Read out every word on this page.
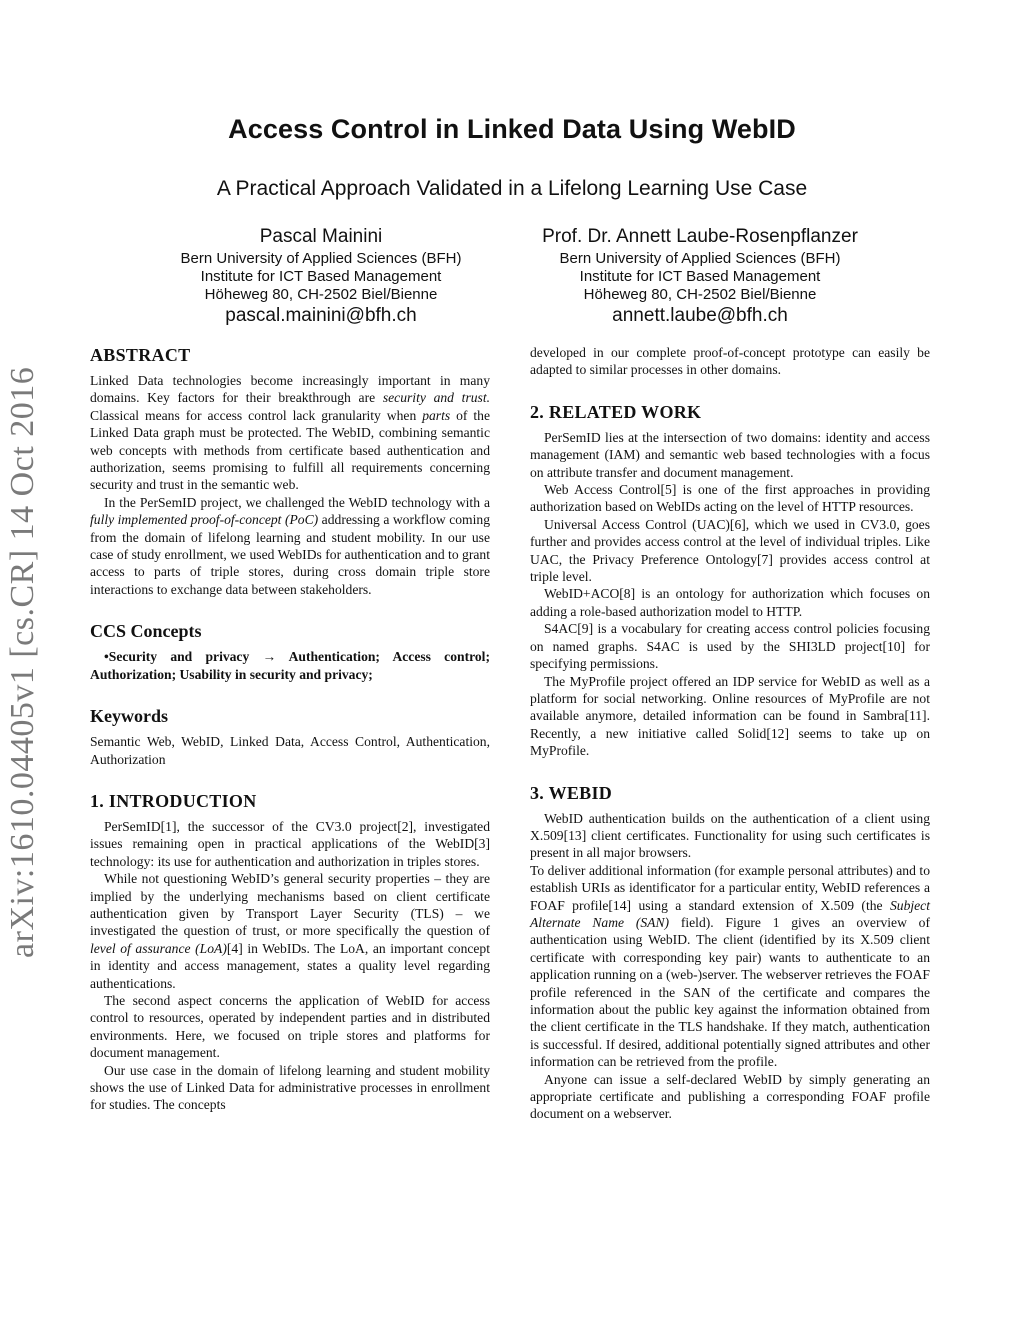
Access Control in Linked Data Using WebID
A Practical Approach Validated in a Lifelong Learning Use Case
Pascal Mainini
Bern University of Applied Sciences (BFH)
Institute for ICT Based Management
Höheweg 80, CH-2502 Biel/Bienne
pascal.mainini@bfh.ch
Prof. Dr. Annett Laube-Rosenpflanzer
Bern University of Applied Sciences (BFH)
Institute for ICT Based Management
Höheweg 80, CH-2502 Biel/Bienne
annett.laube@bfh.ch
arXiv:1610.04405v1 [cs.CR] 14 Oct 2016
ABSTRACT

Linked Data technologies become increasingly important in many domains. Key factors for their breakthrough are security and trust. Classical means for access control lack granularity when parts of the Linked Data graph must be protected. The WebID, combining semantic web concepts with methods from certificate based authentication and authorization, seems promising to fulfill all requirements concerning security and trust in the semantic web.

In the PerSemID project, we challenged the WebID technology with a fully implemented proof-of-concept (PoC) addressing a workflow coming from the domain of lifelong learning and student mobility. In our use case of study enrollment, we used WebIDs for authentication and to grant access to parts of triple stores, during cross domain triple store interactions to exchange data between stakeholders.

CCS Concepts

•Security and privacy → Authentication; Access control; Authorization; Usability in security and privacy;

Keywords

Semantic Web, WebID, Linked Data, Access Control, Authentication, Authorization

1. INTRODUCTION

PerSemID[1], the successor of the CV3.0 project[2], investigated issues remaining open in practical applications of the WebID[3] technology: its use for authentication and authorization in triples stores.

While not questioning WebID’s general security properties – they are implied by the underlying mechanisms based on client certificate authentication given by Transport Layer Security (TLS) – we investigated the question of trust, or more specifically the question of level of assurance (LoA)[4] in WebIDs. The LoA, an important concept in identity and access management, states a quality level regarding authentications.

The second aspect concerns the application of WebID for access control to resources, operated by independent parties and in distributed environments. Here, we focused on triple stores and platforms for document management.

Our use case in the domain of lifelong learning and student mobility shows the use of Linked Data for administrative processes in enrollment for studies. The concepts

developed in our complete proof-of-concept prototype can easily be adapted to similar processes in other domains.

2. RELATED WORK

PerSemID lies at the intersection of two domains: identity and access management (IAM) and semantic web based technologies with a focus on attribute transfer and document management.

Web Access Control[5] is one of the first approaches in providing authorization based on WebIDs acting on the level of HTTP resources.

Universal Access Control (UAC)[6], which we used in CV3.0, goes further and provides access control at the level of individual triples. Like UAC, the Privacy Preference Ontology[7] provides access control at triple level.

WebID+ACO[8] is an ontology for authorization which focuses on adding a role-based authorization model to HTTP.

S4AC[9] is a vocabulary for creating access control policies focusing on named graphs. S4AC is used by the SHI3LD project[10] for specifying permissions.

The MyProfile project offered an IDP service for WebID as well as a platform for social networking. Online resources of MyProfile are not available anymore, detailed information can be found in Sambra[11]. Recently, a new initiative called Solid[12] seems to take up on MyProfile.

3. WEBID

WebID authentication builds on the authentication of a client using X.509[13] client certificates. Functionality for using such certificates is present in all major browsers.

To deliver additional information (for example personal attributes) and to establish URIs as identificator for a particular entity, WebID references a FOAF profile[14] using a standard extension of X.509 (the Subject Alternate Name (SAN) field). Figure 1 gives an overview of authentication using WebID. The client (identified by its X.509 client certificate with corresponding key pair) wants to authenticate to an application running on a (web-)server. The webserver retrieves the FOAF profile referenced in the SAN of the certificate and compares the information about the public key against the information obtained from the client certificate in the TLS handshake. If they match, authentication is successful. If desired, additional potentially signed attributes and other information can be retrieved from the profile.

Anyone can issue a self-declared WebID by simply generating an appropriate certificate and publishing a corresponding FOAF profile document on a webserver.
